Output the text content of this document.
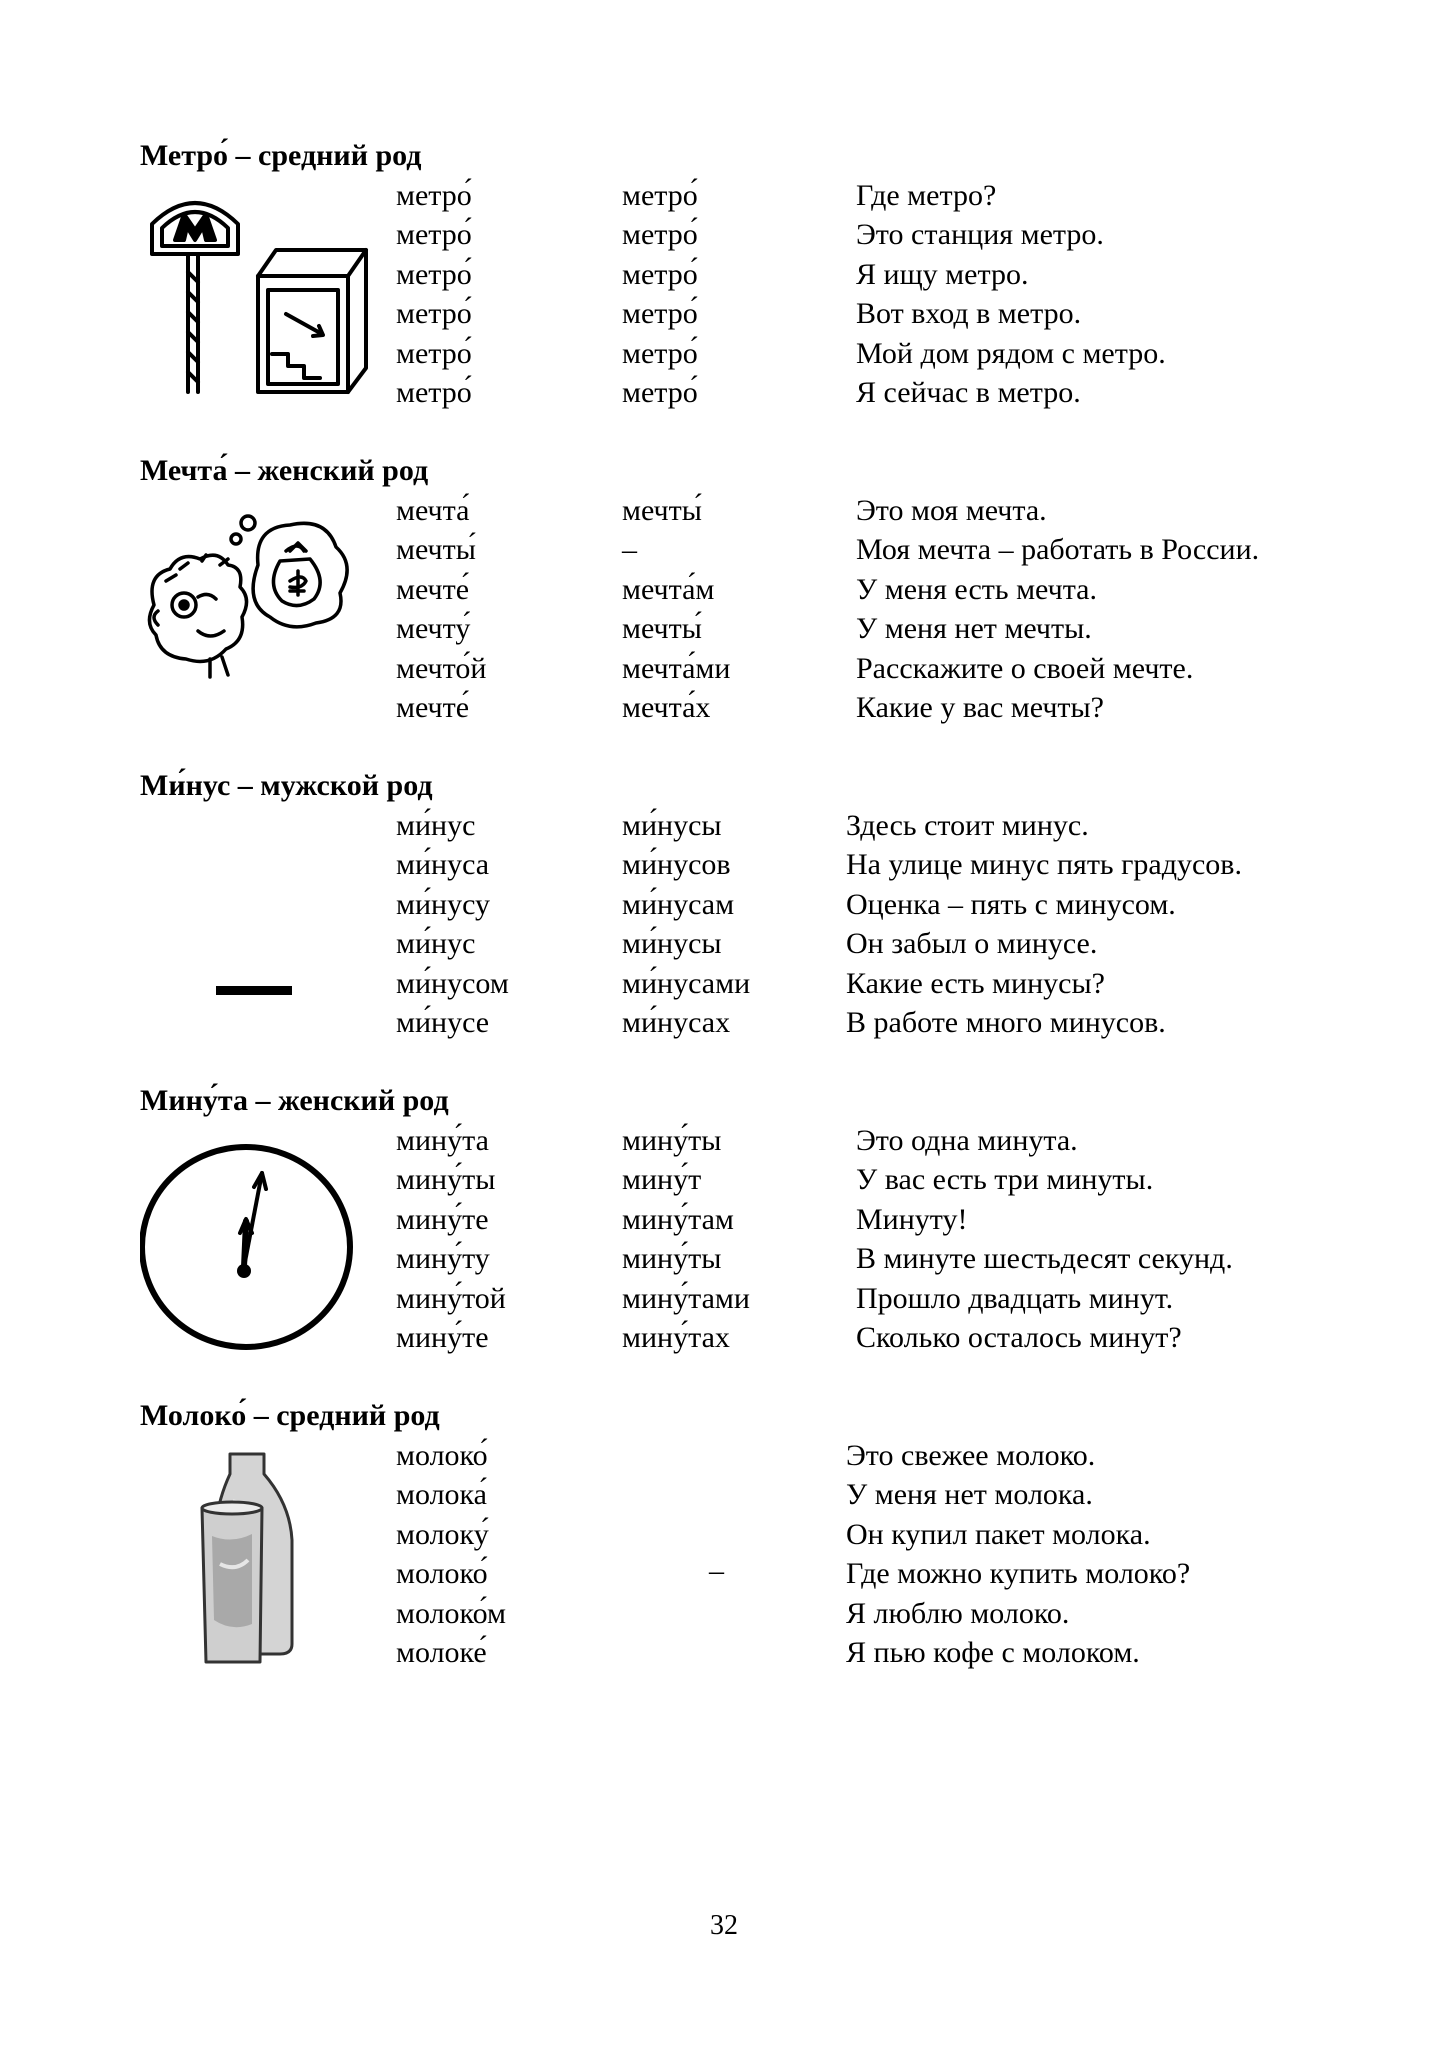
Метро́ – средний род
метро́
метро́
метро́
метро́
метро́
метро́
метро́
метро́
метро́
метро́
метро́
метро́
Где метро?
Это станция метро.
Я ищу метро.
Вот вход в метро.
Мой дом рядом с метро.
Я сейчас в метро.
Мечта́ – женский род
мечта́
мечты́
мечте́
мечту́
мечто́й
мечте́
мечты́
–
мечта́м
мечты́
мечта́ми
мечта́х
Это моя мечта.
Моя мечта – работать в России.
У меня есть мечта.
У меня нет мечты.
Расскажите о своей мечте.
Какие у вас мечты?
Ми́нус – мужской род
ми́нус
ми́нуса
ми́нусу
ми́нус
ми́нусом
ми́нусе
ми́нусы
ми́нусов
ми́нусам
ми́нусы
ми́нусами
ми́нусах
Здесь стоит минус.
На улице минус пять градусов.
Оценка – пять с минусом.
Он забыл о минусе.
Какие есть минусы?
В работе много минусов.
Мину́та – женский род
мину́та
мину́ты
мину́те
мину́ту
мину́той
мину́те
мину́ты
мину́т
мину́там
мину́ты
мину́тами
мину́тах
Это одна минута.
У вас есть три минуты.
Минуту!
В минуте шестьдесят секунд.
Прошло двадцать минут.
Сколько осталось минут?
Молоко́ – средний род
молоко́
молока́
молоку́
молоко́
молоко́м
молоке́
–
Это свежее молоко.
У меня нет молока.
Он купил пакет молока.
Где можно купить молоко?
Я люблю молоко.
Я пью кофе с молоком.
32
